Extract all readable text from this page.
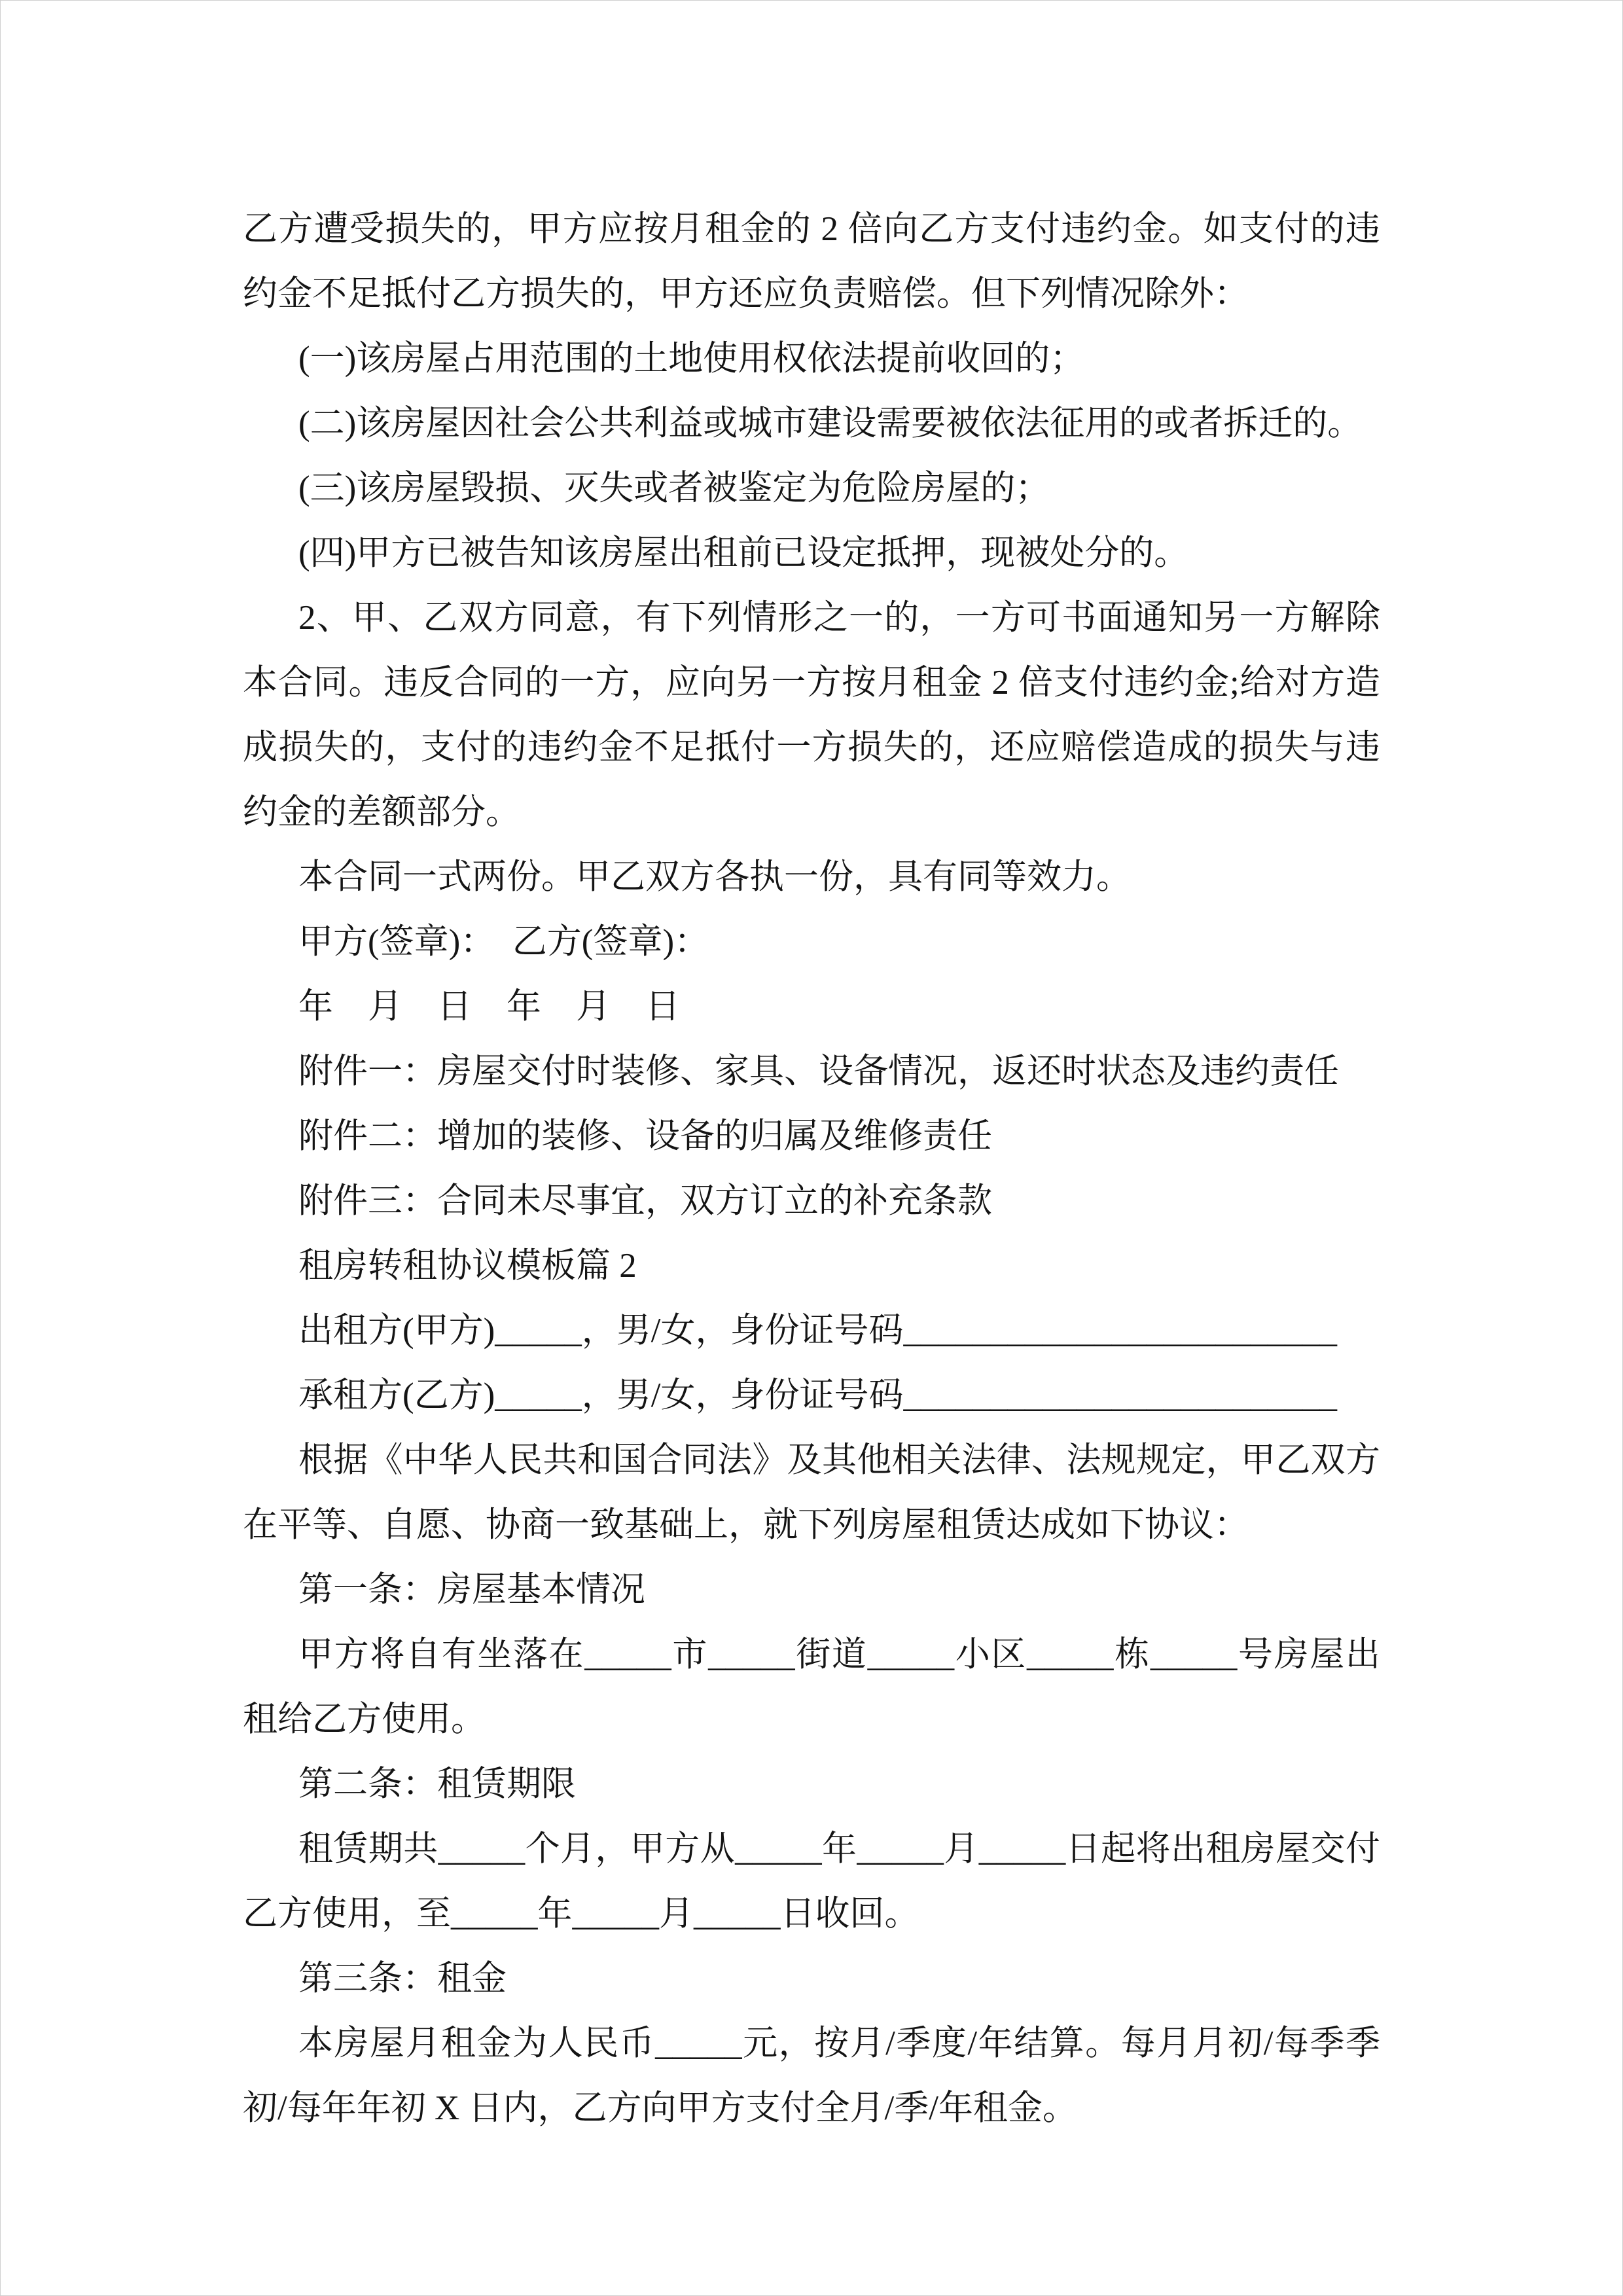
乙方遭受损失的，甲方应按月租金的 2 倍向乙方支付违约金。如支付的违约金不足抵付乙方损失的，甲方还应负责赔偿。但下列情况除外：

(一)该房屋占用范围的土地使用权依法提前收回的；

(二)该房屋因社会公共利益或城市建设需要被依法征用的或者拆迁的。

(三)该房屋毁损、灭失或者被鉴定为危险房屋的；

(四)甲方已被告知该房屋出租前已设定抵押，现被处分的。

2、甲、乙双方同意，有下列情形之一的，一方可书面通知另一方解除本合同。违反合同的一方，应向另一方按月租金 2 倍支付违约金;给对方造成损失的，支付的违约金不足抵付一方损失的，还应赔偿造成的损失与违约金的差额部分。

本合同一式两份。甲乙双方各执一份，具有同等效力。

甲方(签章)：　乙方(签章)：

年　月　日　年　月　日

附件一：房屋交付时装修、家具、设备情况，返还时状态及违约责任

附件二：增加的装修、设备的归属及维修责任

附件三：合同未尽事宜，双方订立的补充条款

租房转租协议模板篇 2

出租方(甲方)_____，男/女，身份证号码_________________________

承租方(乙方)_____，男/女，身份证号码_________________________

根据《中华人民共和国合同法》及其他相关法律、法规规定，甲乙双方在平等、自愿、协商一致基础上，就下列房屋租赁达成如下协议：

第一条：房屋基本情况

甲方将自有坐落在_____市_____街道_____小区_____栋_____号房屋出租给乙方使用。

第二条：租赁期限

租赁期共_____个月，甲方从_____年_____月_____日起将出租房屋交付乙方使用，至_____年_____月_____日收回。

第三条：租金

本房屋月租金为人民币_____元，按月/季度/年结算。每月月初/每季季初/每年年初 X 日内，乙方向甲方支付全月/季/年租金。
